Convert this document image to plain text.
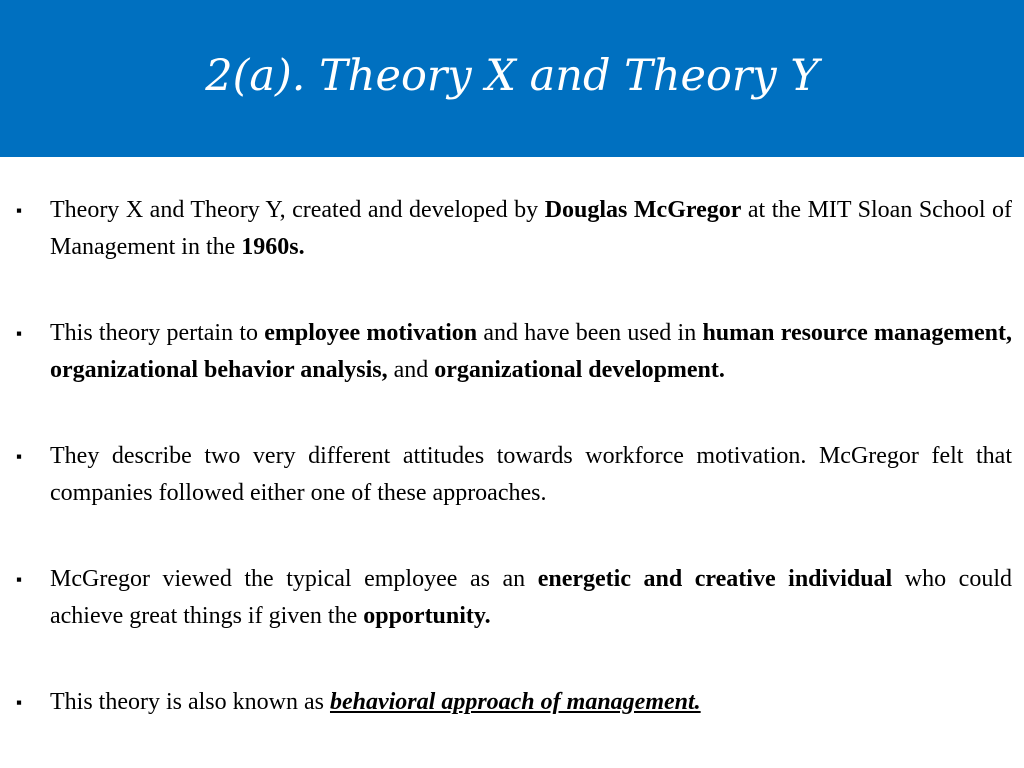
2(a). Theory X and Theory Y

▪ Theory X and Theory Y, created and developed by Douglas McGregor at the MIT Sloan School of Management in the 1960s.

▪ This theory pertain to employee motivation and have been used in human resource management, organizational behavior analysis, and organizational development.

▪ They describe two very different attitudes towards workforce motivation. McGregor felt that companies followed either one of these approaches.

▪ McGregor viewed the typical employee as an energetic and creative individual who could achieve great things if given the opportunity.

▪ This theory is also known as behavioral approach of management.
